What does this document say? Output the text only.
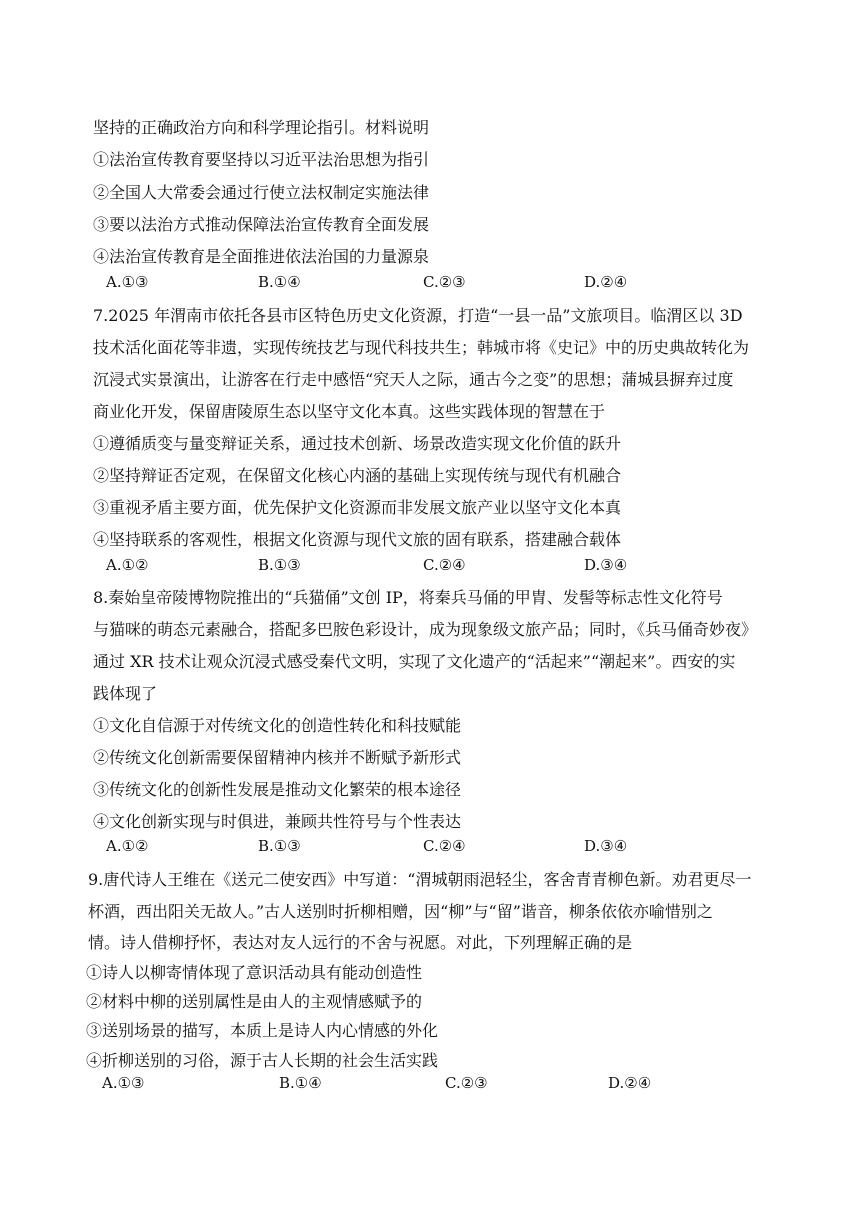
坚持的正确政治方向和科学理论指引。材料说明
①法治宣传教育要坚持以习近平法治思想为指引
②全国人大常委会通过行使立法权制定实施法律
③要以法治方式推动保障法治宣传教育全面发展
④法治宣传教育是全面推进依法治国的力量源泉
A.①③	B.①④	C.②③	D.②④
7.2025 年渭南市依托各县市区特色历史文化资源，打造“一县一品”文旅项目。临渭区以 3D
技术活化面花等非遗，实现传统技艺与现代科技共生；韩城市将《史记》中的历史典故转化为
沉浸式实景演出，让游客在行走中感悟“究天人之际，通古今之变”的思想；蒲城县摒弃过度
商业化开发，保留唐陵原生态以坚守文化本真。这些实践体现的智慧在于
①遵循质变与量变辩证关系，通过技术创新、场景改造实现文化价值的跃升
②坚持辩证否定观，在保留文化核心内涵的基础上实现传统与现代有机融合
③重视矛盾主要方面，优先保护文化资源而非发展文旅产业以坚守文化本真
④坚持联系的客观性，根据文化资源与现代文旅的固有联系，搭建融合载体
A.①②	B.①③	C.②④	D.③④
8.秦始皇帝陵博物院推出的“兵猫俑”文创 IP，将秦兵马俑的甲胄、发髻等标志性文化符号
与猫咪的萌态元素融合，搭配多巴胺色彩设计，成为现象级文旅产品；同时，《兵马俑奇妙夜》
通过 XR 技术让观众沉浸式感受秦代文明，实现了文化遗产的“活起来”“潮起来”。西安的实
践体现了
①文化自信源于对传统文化的创造性转化和科技赋能
②传统文化创新需要保留精神内核并不断赋予新形式
③传统文化的创新性发展是推动文化繁荣的根本途径
④文化创新实现与时俱进，兼顾共性符号与个性表达
A.①②	B.①③	C.②④	D.③④
9.唐代诗人王维在《送元二使安西》中写道：“渭城朝雨浥轻尘，客舍青青柳色新。劝君更尽一
杯酒，西出阳关无故人。”古人送别时折柳相赠，因“柳”与“留”谐音，柳条依依亦喻惜别之
情。诗人借柳抒怀，表达对友人远行的不舍与祝愿。对此，下列理解正确的是
①诗人以柳寄情体现了意识活动具有能动创造性
②材料中柳的送别属性是由人的主观情感赋予的
③送别场景的描写，本质上是诗人内心情感的外化
④折柳送别的习俗，源于古人长期的社会生活实践
A.①③	B.①④	C.②③	D.②④
